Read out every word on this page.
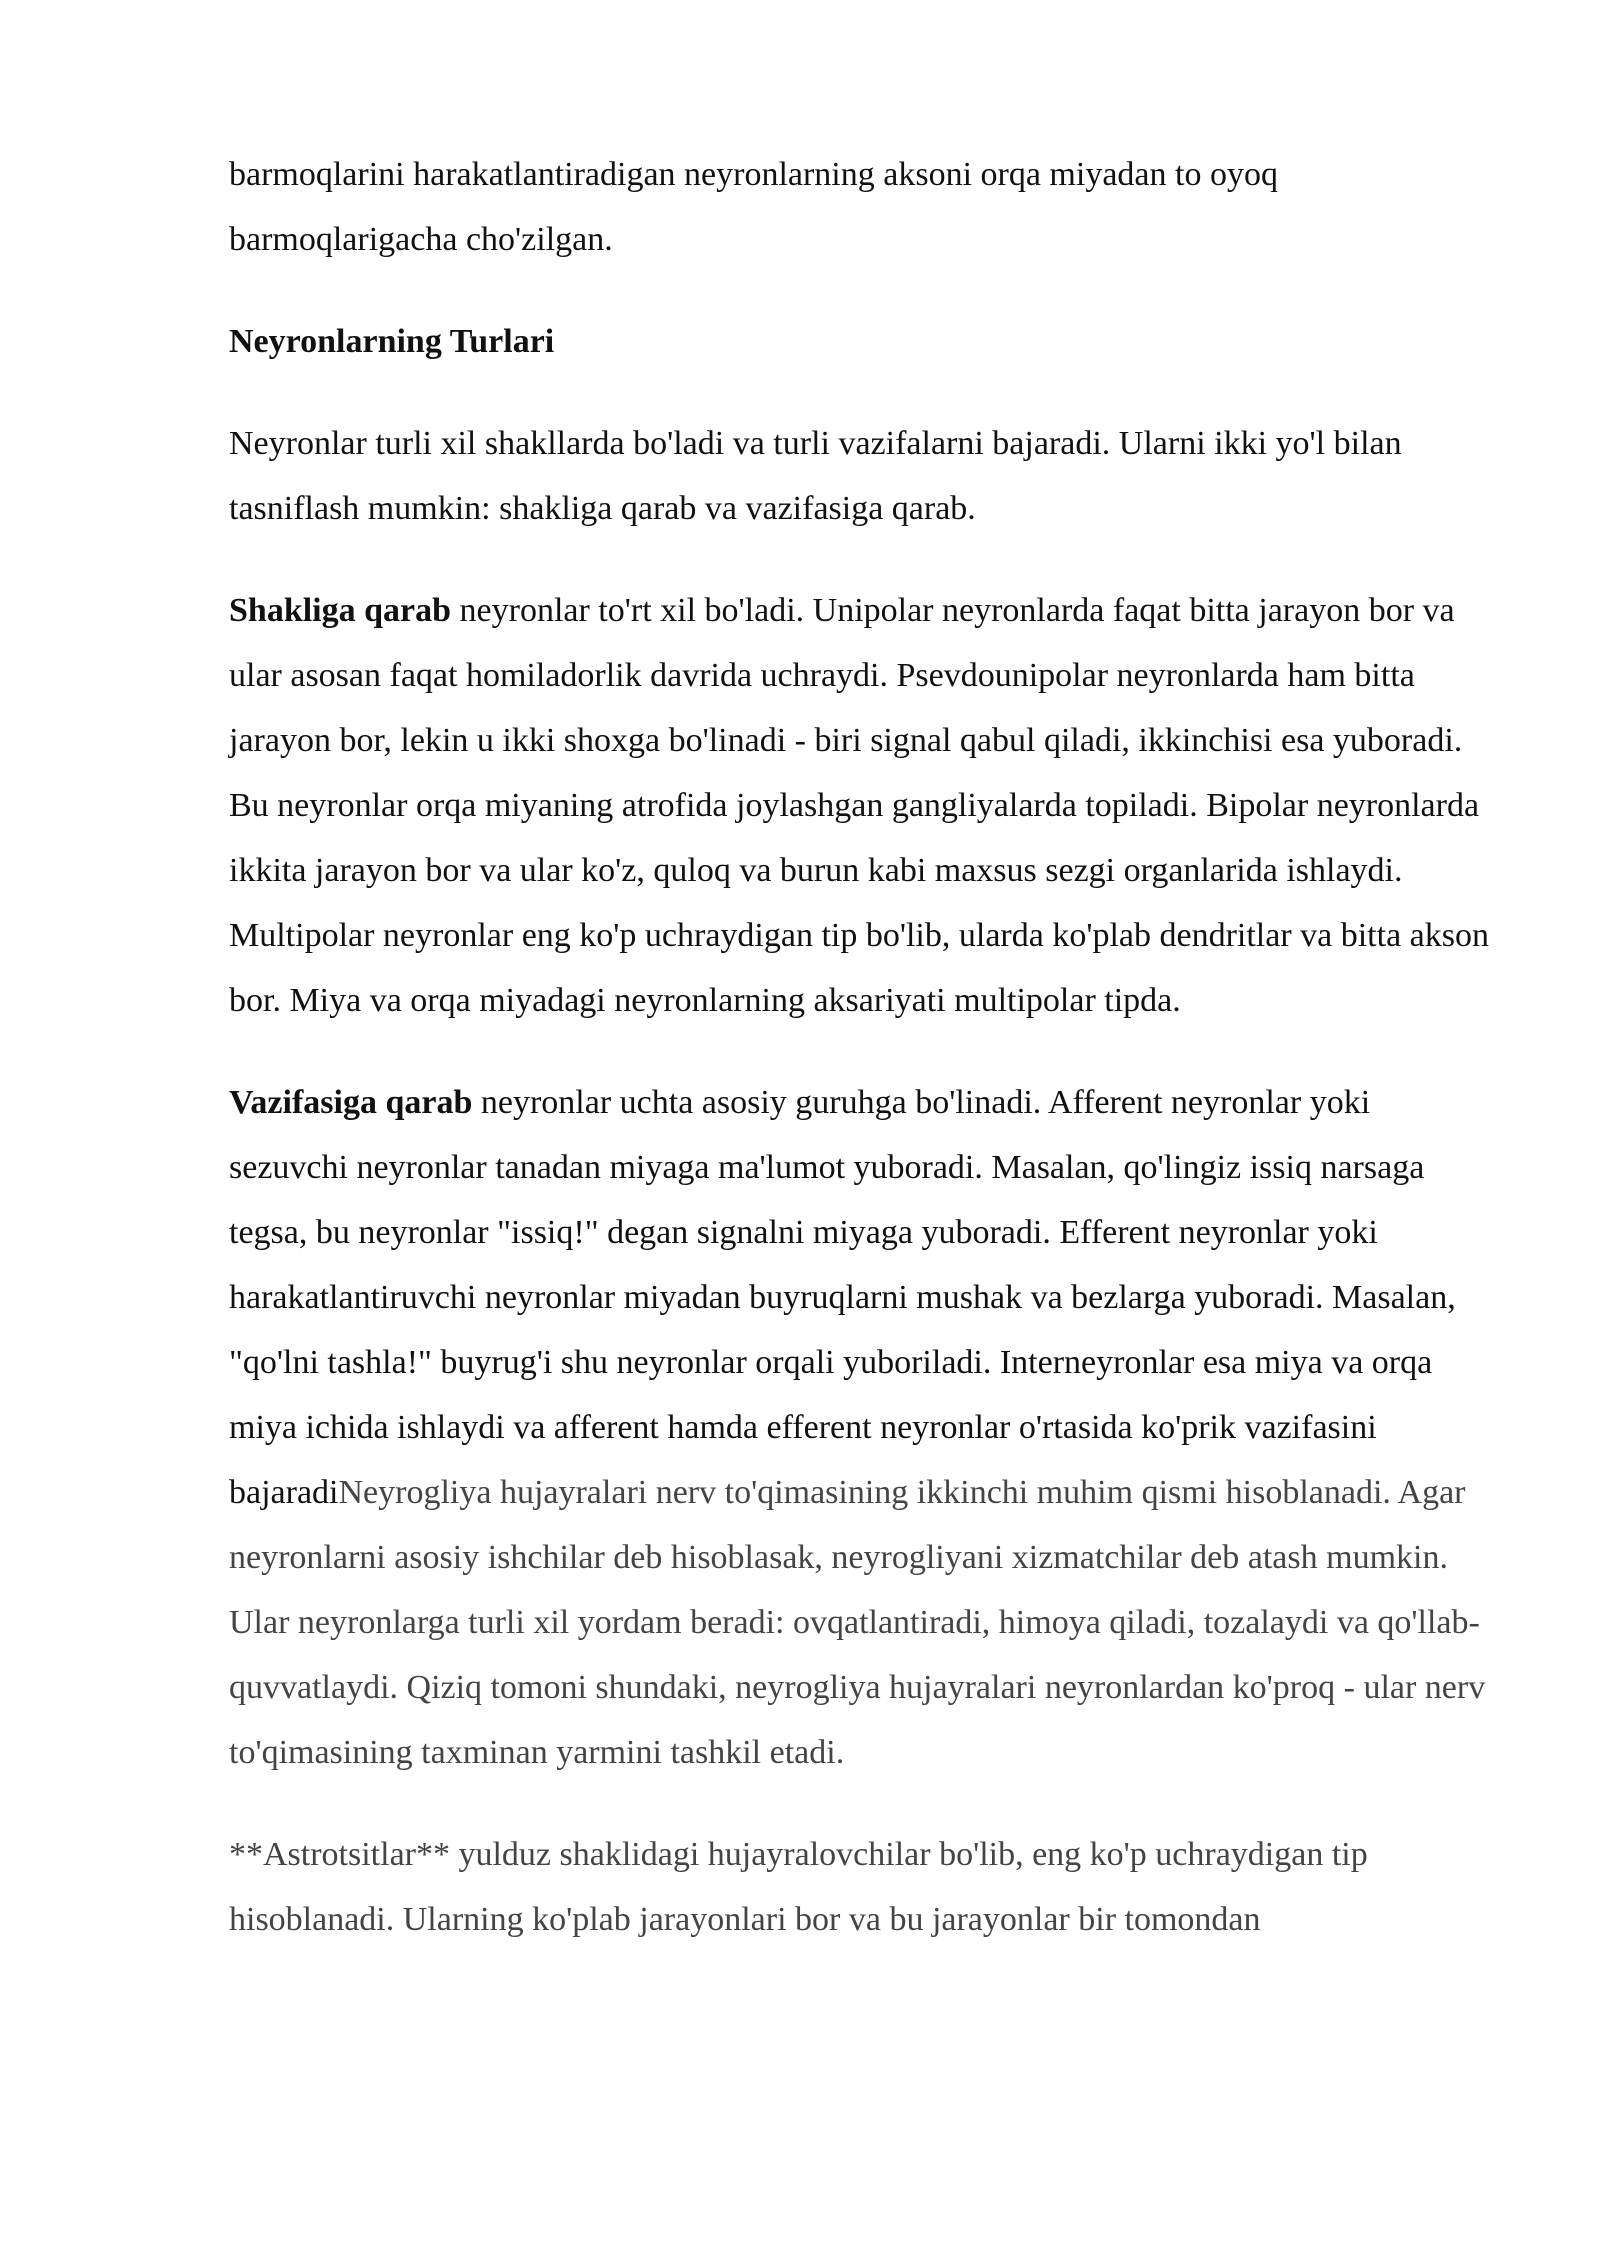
barmoqlarini harakatlantiradigan neyronlarning aksoni orqa miyadan to oyoq barmoqlarigacha cho'zilgan.

Neyronlarning Turlari

Neyronlar turli xil shakllarda bo'ladi va turli vazifalarni bajaradi. Ularni ikki yo'l bilan tasniflash mumkin: shakliga qarab va vazifasiga qarab.

Shakliga qarab neyronlar to'rt xil bo'ladi. Unipolar neyronlarda faqat bitta jarayon bor va ular asosan faqat homiladorlik davrida uchraydi. Psevdounipolar neyronlarda ham bitta jarayon bor, lekin u ikki shoxga bo'linadi - biri signal qabul qiladi, ikkinchisi esa yuboradi. Bu neyronlar orqa miyaning atrofida joylashgan gangliyalarda topiladi. Bipolar neyronlarda ikkita jarayon bor va ular ko'z, quloq va burun kabi maxsus sezgi organlarida ishlaydi. Multipolar neyronlar eng ko'p uchraydigan tip bo'lib, ularda ko'plab dendritlar va bitta akson bor. Miya va orqa miyadagi neyronlarning aksariyati multipolar tipda.

Vazifasiga qarab neyronlar uchta asosiy guruhga bo'linadi. Afferent neyronlar yoki sezuvchi neyronlar tanadan miyaga ma'lumot yuboradi. Masalan, qo'lingiz issiq narsaga tegsa, bu neyronlar "issiq!" degan signalni miyaga yuboradi. Efferent neyronlar yoki harakatlantiruvchi neyronlar miyadan buyruqlarni mushak va bezlarga yuboradi. Masalan, "qo'lni tashla!" buyrug'i shu neyronlar orqali yuboriladi. Interneyronlar esa miya va orqa miya ichida ishlaydi va afferent hamda efferent neyronlar o'rtasida ko'prik vazifasini bajaradiNeyrogliya hujayralari nerv to'qimasining ikkinchi muhim qismi hisoblanadi. Agar neyronlarni asosiy ishchilar deb hisoblasak, neyrogliyani xizmatchilar deb atash mumkin. Ular neyronlarga turli xil yordam beradi: ovqatlantiradi, himoya qiladi, tozalaydi va qo'llab-quvvatlaydi. Qiziq tomoni shundaki, neyrogliya hujayralari neyronlardan ko'proq - ular nerv to'qimasining taxminan yarmini tashkil etadi.

**Astrotsitlar** yulduz shaklidagi hujayralovchilar bo'lib, eng ko'p uchraydigan tip hisoblanadi. Ularning ko'plab jarayonlari bor va bu jarayonlar bir tomondan
